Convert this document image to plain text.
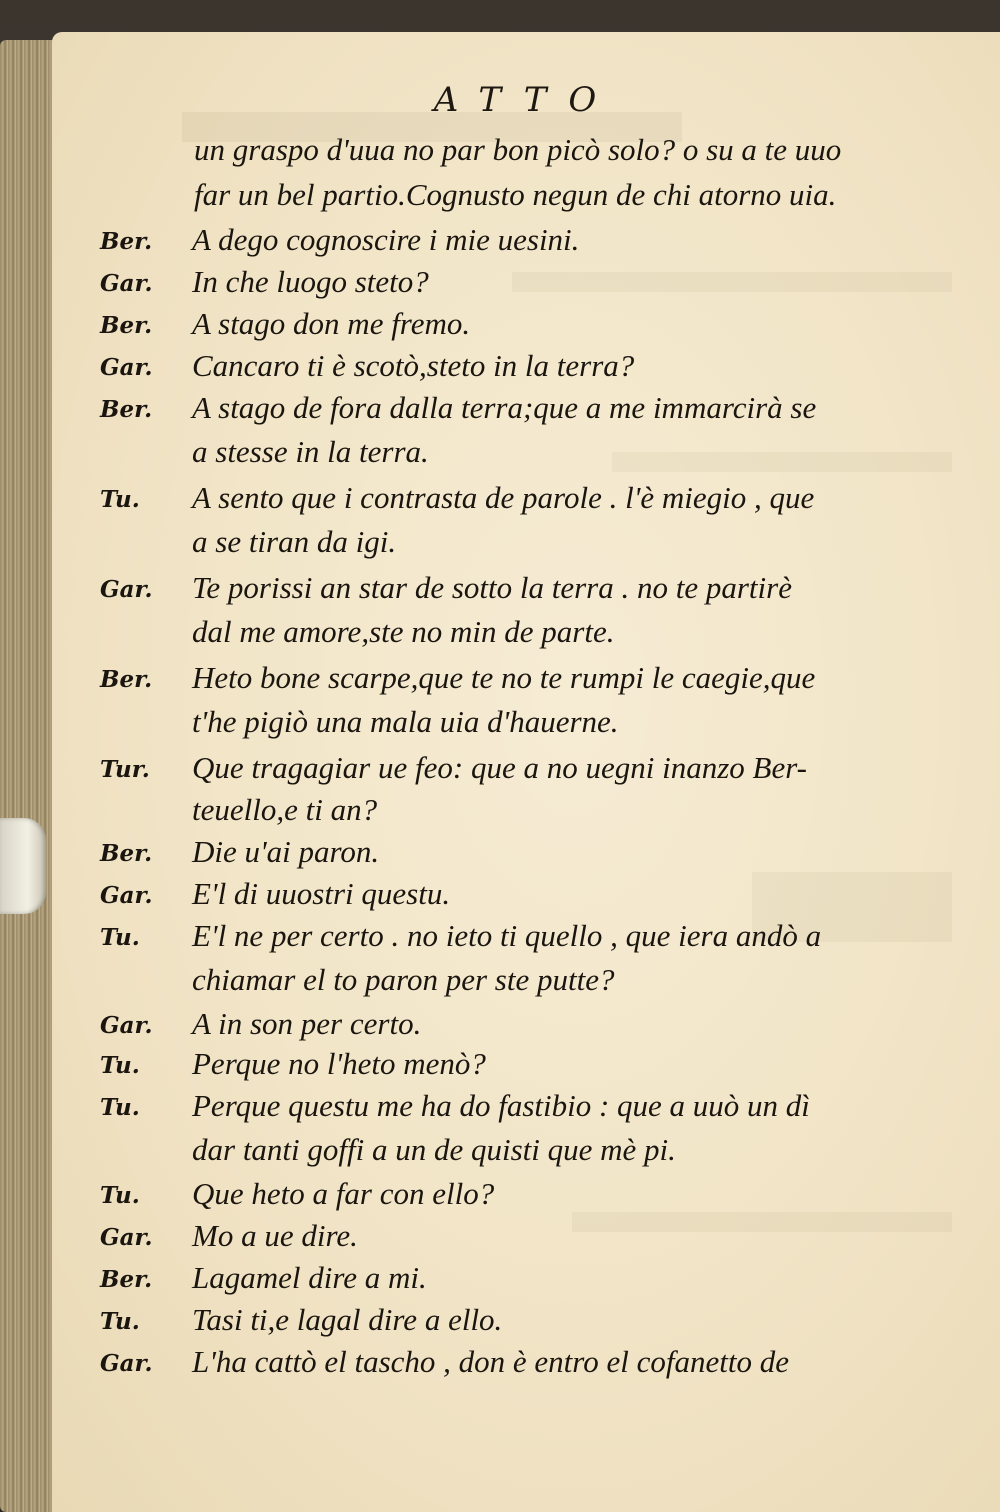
ATTO
un graspo d'uua no par bon picò solo? o su a te uuo
far un bel partio.Cognusto negun de chi atorno uia.
Ber. A dego cognoscire i mie uesini.
Gar. In che luogo steto?
Ber. A stago don me fremo.
Gar. Cancaro ti è scotò,steto in la terra?
Ber. A stago de fora dalla terra;que a me immarcirà se
a stesse in la terra.
Tu. A sento que i contrasta de parole . l'è miegio , que
a se tiran da igi.
Gar. Te porissi an star de sotto la terra . no te partirè
dal me amore,ste no min de parte.
Ber. Heto bone scarpe,que te no te rumpi le caegie,que
t'he pigiò una mala uia d'hauerne.
Tur. Que tragagiar ue feo: que a no uegni inanzo Ber-
teuello,e ti an?
Ber. Die u'ai paron.
Gar. E'l di uuostri questu.
Tu. E'l ne per certo . no ieto ti quello , que iera andò a
chiamar el to paron per ste putte?
Gar. A in son per certo.
Tu. Perque no l'heto menò?
Tu. Perque questu me ha do fastibio : que a uuò un dì
dar tanti goffi a un de quisti que mè pi.
Tu. Que heto a far con ello?
Gar. Mo a ue dire.
Ber. Lagamel dire a mi.
Tu. Tasi ti,e lagal dire a ello.
Gar. L'ha cattò el tascho , don è entro el cofanetto de
